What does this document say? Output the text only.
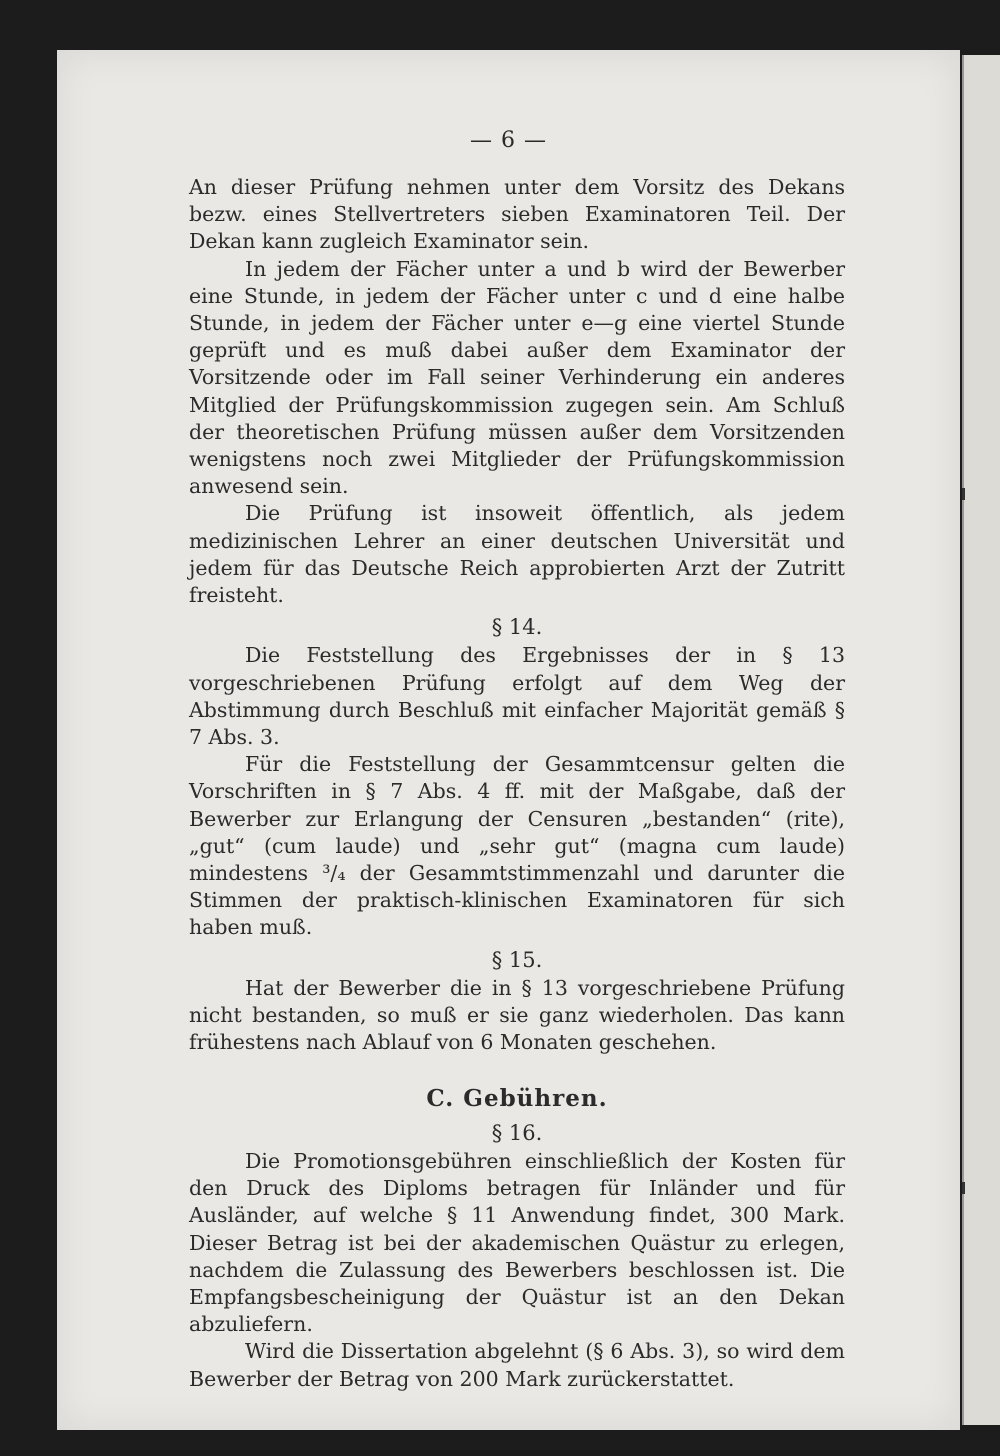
— 6 —

An dieser Prüfung nehmen unter dem Vorsitz des Dekans bezw. eines Stellvertreters sieben Examinatoren Teil. Der Dekan kann zugleich Examinator sein.

In jedem der Fächer unter a und b wird der Bewerber eine Stunde, in jedem der Fächer unter c und d eine halbe Stunde, in jedem der Fächer unter e—g eine viertel Stunde geprüft und es muß dabei außer dem Examinator der Vorsitzende oder im Fall seiner Verhinderung ein anderes Mitglied der Prüfungskommission zugegen sein. Am Schluß der theoretischen Prüfung müssen außer dem Vorsitzenden wenigstens noch zwei Mitglieder der Prüfungskommission anwesend sein.

Die Prüfung ist insoweit öffentlich, als jedem medizinischen Lehrer an einer deutschen Universität und jedem für das Deutsche Reich approbierten Arzt der Zutritt freisteht.

§ 14.

Die Feststellung des Ergebnisses der in § 13 vorgeschriebenen Prüfung erfolgt auf dem Weg der Abstimmung durch Beschluß mit einfacher Majorität gemäß § 7 Abs. 3.

Für die Feststellung der Gesammtcensur gelten die Vorschriften in § 7 Abs. 4 ff. mit der Maßgabe, daß der Bewerber zur Erlangung der Censuren „bestanden“ (rite), „gut“ (cum laude) und „sehr gut“ (magna cum laude) mindestens ³/₄ der Gesammtstimmenzahl und darunter die Stimmen der praktisch-klinischen Examinatoren für sich haben muß.

§ 15.

Hat der Bewerber die in § 13 vorgeschriebene Prüfung nicht bestanden, so muß er sie ganz wiederholen. Das kann frühestens nach Ablauf von 6 Monaten geschehen.

C. Gebühren.
§ 16.

Die Promotionsgebühren einschließlich der Kosten für den Druck des Diploms betragen für Inländer und für Ausländer, auf welche § 11 Anwendung findet, 300 Mark. Dieser Betrag ist bei der akademischen Quästur zu erlegen, nachdem die Zulassung des Bewerbers beschlossen ist. Die Empfangsbescheinigung der Quästur ist an den Dekan abzuliefern.

Wird die Dissertation abgelehnt (§ 6 Abs. 3), so wird dem Bewerber der Betrag von 200 Mark zurückerstattet.
